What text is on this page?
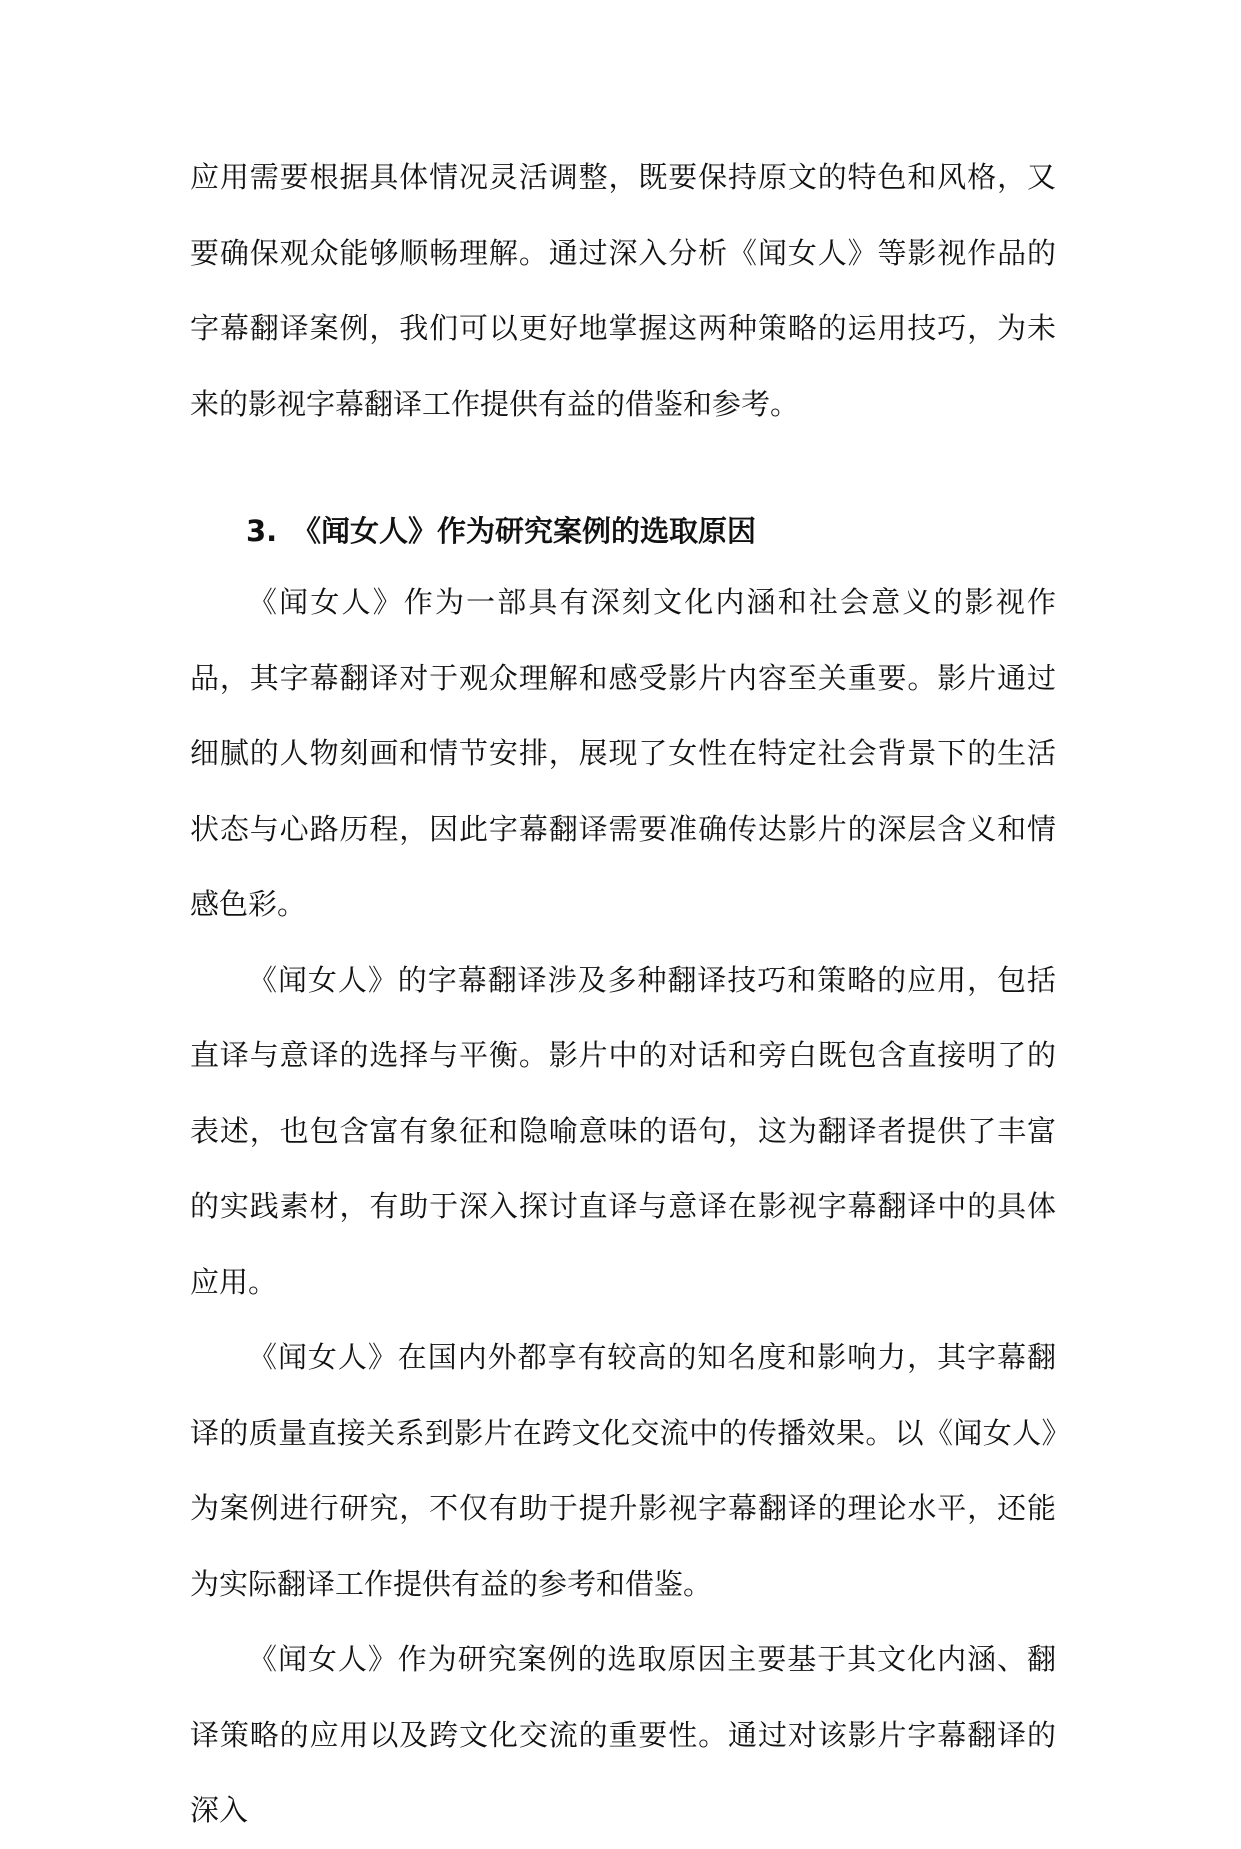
应用需要根据具体情况灵活调整，既要保持原文的特色和风格，又要确保观众能够顺畅理解。通过深入分析《闻女人》等影视作品的字幕翻译案例，我们可以更好地掌握这两种策略的运用技巧，为未来的影视字幕翻译工作提供有益的借鉴和参考。

3. 《闻女人》作为研究案例的选取原因

《闻女人》作为一部具有深刻文化内涵和社会意义的影视作品，其字幕翻译对于观众理解和感受影片内容至关重要。影片通过细腻的人物刻画和情节安排，展现了女性在特定社会背景下的生活状态与心路历程，因此字幕翻译需要准确传达影片的深层含义和情感色彩。

《闻女人》的字幕翻译涉及多种翻译技巧和策略的应用，包括直译与意译的选择与平衡。影片中的对话和旁白既包含直接明了的表述，也包含富有象征和隐喻意味的语句，这为翻译者提供了丰富的实践素材，有助于深入探讨直译与意译在影视字幕翻译中的具体应用。

《闻女人》在国内外都享有较高的知名度和影响力，其字幕翻译的质量直接关系到影片在跨文化交流中的传播效果。以《闻女人》为案例进行研究，不仅有助于提升影视字幕翻译的理论水平，还能为实际翻译工作提供有益的参考和借鉴。

《闻女人》作为研究案例的选取原因主要基于其文化内涵、翻译策略的应用以及跨文化交流的重要性。通过对该影片字幕翻译的深入
